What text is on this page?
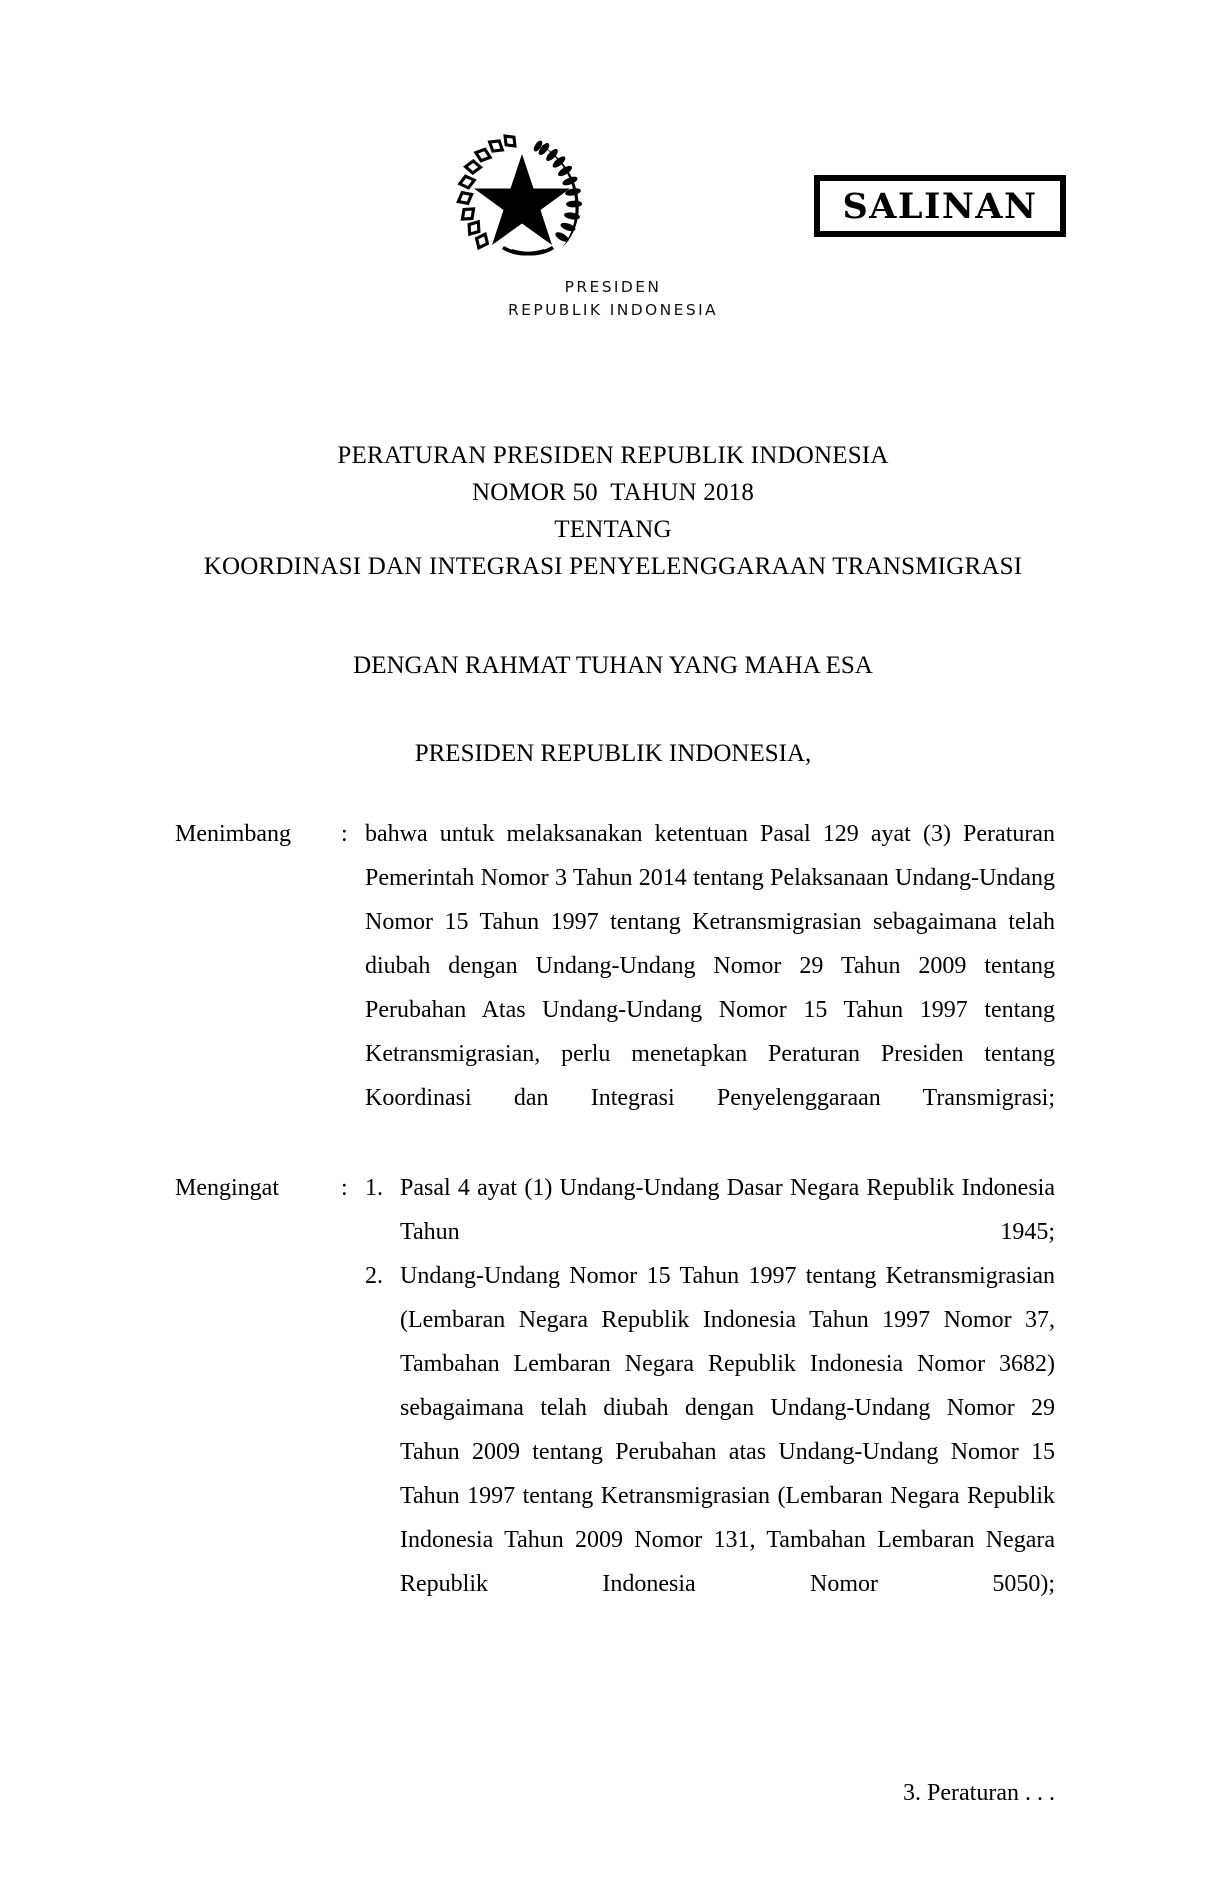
SALINAN
PRESIDEN
REPUBLIK INDONESIA
PERATURAN PRESIDEN REPUBLIK INDONESIA
NOMOR 50  TAHUN 2018
TENTANG
KOORDINASI DAN INTEGRASI PENYELENGGARAAN TRANSMIGRASI
DENGAN RAHMAT TUHAN YANG MAHA ESA
PRESIDEN REPUBLIK INDONESIA,
Menimbang	: bahwa untuk melaksanakan ketentuan Pasal 129 ayat (3) Peraturan Pemerintah Nomor 3 Tahun 2014 tentang Pelaksanaan Undang-Undang Nomor 15 Tahun 1997 tentang Ketransmigrasian sebagaimana telah diubah dengan Undang-Undang Nomor 29 Tahun 2009 tentang Perubahan Atas Undang-Undang Nomor 15 Tahun 1997 tentang Ketransmigrasian, perlu menetapkan Peraturan Presiden tentang Koordinasi dan Integrasi Penyelenggaraan Transmigrasi;
Mengingat	: 1. Pasal 4 ayat (1) Undang-Undang Dasar Negara Republik Indonesia Tahun 1945;
2. Undang-Undang Nomor 15 Tahun 1997 tentang Ketransmigrasian (Lembaran Negara Republik Indonesia Tahun 1997 Nomor 37, Tambahan Lembaran Negara Republik Indonesia Nomor 3682) sebagaimana telah diubah dengan Undang-Undang Nomor 29 Tahun 2009 tentang Perubahan atas Undang-Undang Nomor 15 Tahun 1997 tentang Ketransmigrasian (Lembaran Negara Republik Indonesia Tahun 2009 Nomor 131, Tambahan Lembaran Negara Republik Indonesia Nomor 5050);
3. Peraturan . . .
